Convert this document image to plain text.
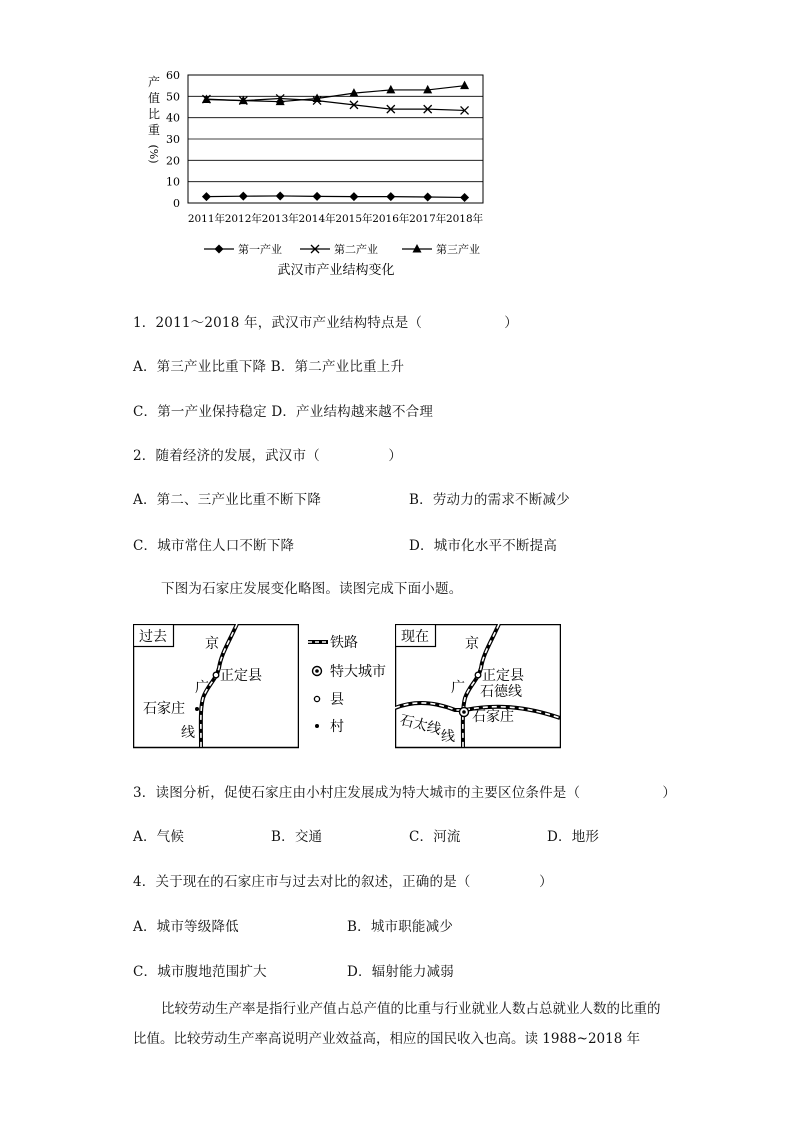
60
50
40
30
20
10
0
2011年 2012年 2013年 2014年 2015年 2016年 2017年 2018年
产
值
比
重
(%)
第一产业	第二产业	第三产业
武汉市产业结构变化
1．2011～2018 年，武汉市产业结构特点是（　　　　　　）
A．第三产业比重下降 B．第二产业比重上升
C．第一产业保持稳定 D．产业结构越来越不合理
2．随着经济的发展，武汉市（　　　　　）
A．第二、三产业比重不断下降	B．劳动力的需求不断减少
C．城市常住人口不断下降	D．城市化水平不断提高
下图为石家庄发展变化略图。读图完成下面小题。
过去	京
正定县
广
石家庄
线
铁路
特大城市
县
村
现在	京
正定县
广 石德线
石家庄
石太线
线
3．读图分析，促使石家庄由小村庄发展成为特大城市的主要区位条件是（　　　　　　）
A．气候	B．交通	C．河流	D．地形
4．关于现在的石家庄市与过去对比的叙述，正确的是（　　　　　）
A．城市等级降低	B．城市职能减少
C．城市腹地范围扩大	D．辐射能力减弱
比较劳动生产率是指行业产值占总产值的比重与行业就业人数占总就业人数的比重的比值。比较劳动生产率高说明产业效益高，相应的国民收入也高。读 1988~2018 年
